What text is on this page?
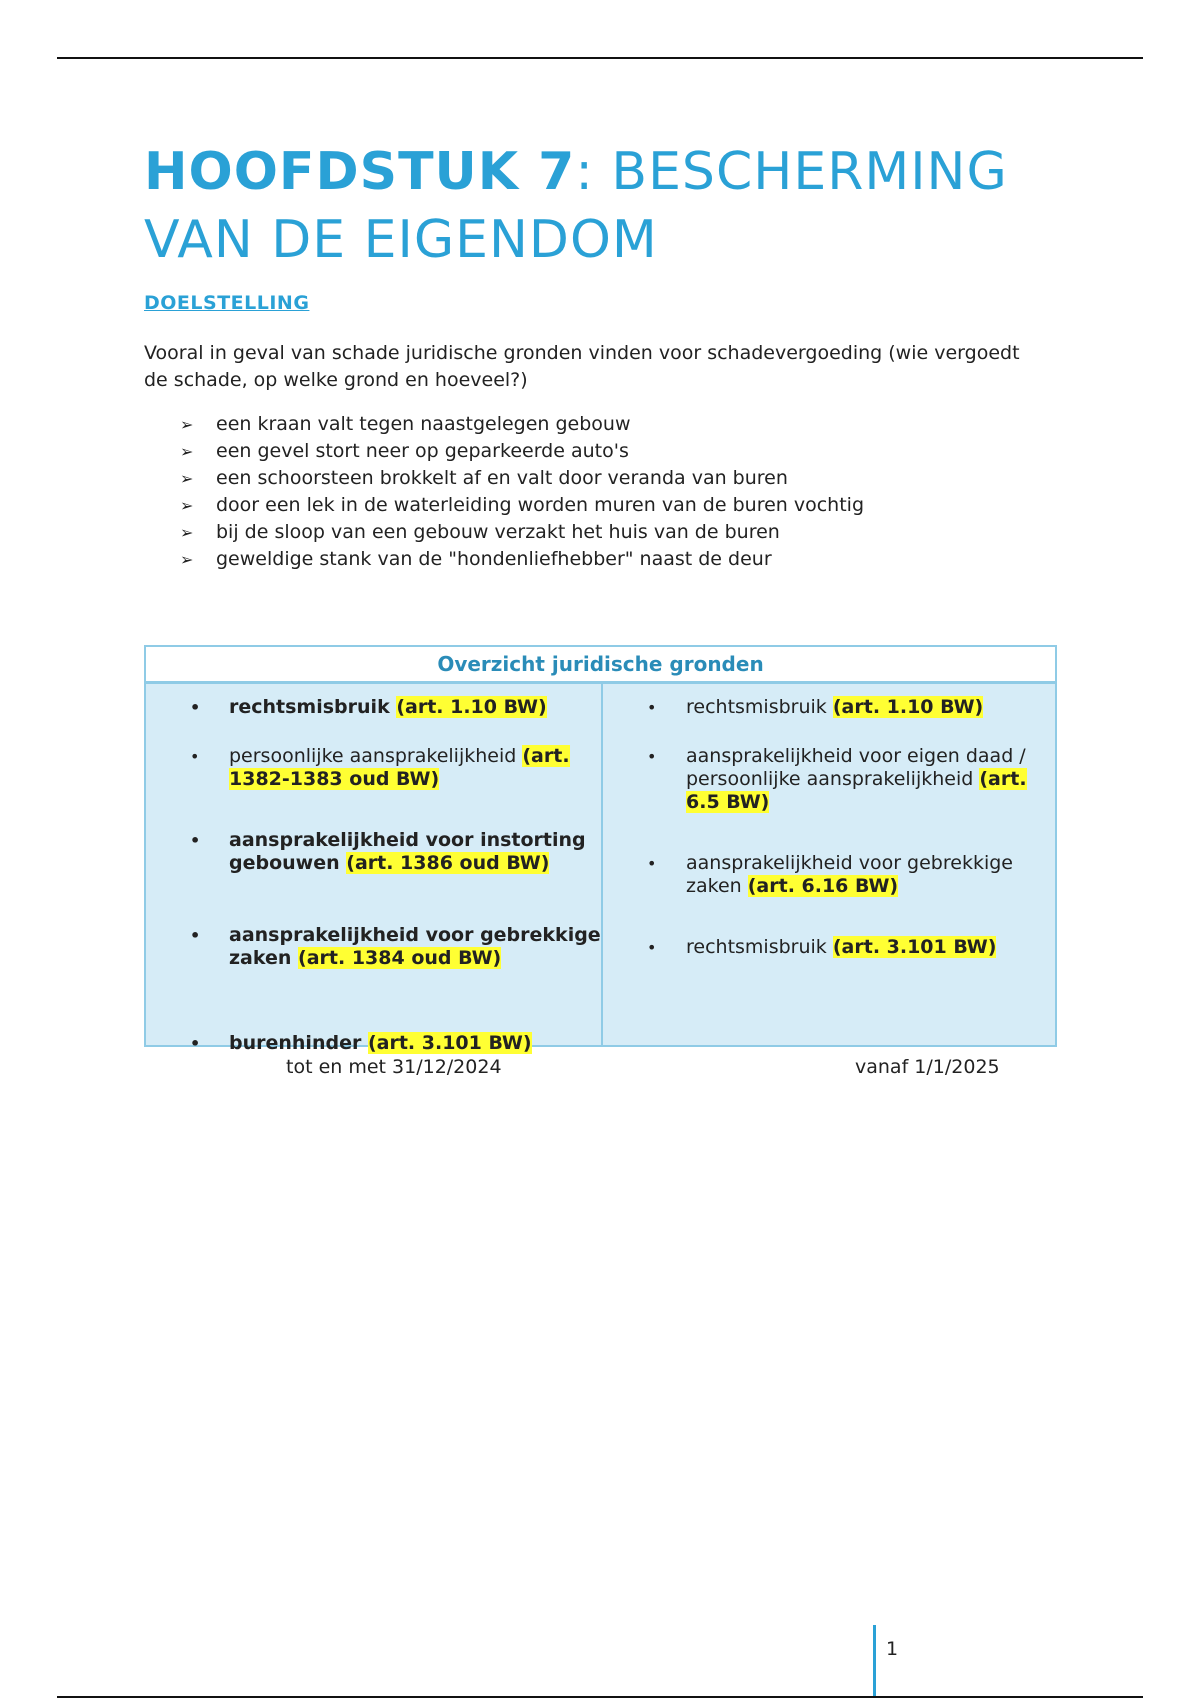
HOOFDSTUK 7: BESCHERMING VAN DE EIGENDOM
DOELSTELLING
Vooral in geval van schade juridische gronden vinden voor schadevergoeding (wie vergoedt de schade, op welke grond en hoeveel?)
➢ een kraan valt tegen naastgelegen gebouw
➢ een gevel stort neer op geparkeerde auto's
➢ een schoorsteen brokkelt af en valt door veranda van buren
➢ door een lek in de waterleiding worden muren van de buren vochtig
➢ bij de sloop van een gebouw verzakt het huis van de buren
➢ geweldige stank van de "hondenliefhebber" naast de deur
Overzicht juridische gronden
• rechtsmisbruik (art. 1.10 BW)
• persoonlijke aansprakelijkheid (art. 1382-1383 oud BW)
• aansprakelijkheid voor instorting gebouwen (art. 1386 oud BW)
• aansprakelijkheid voor gebrekkige zaken (art. 1384 oud BW)
• burenhinder (art. 3.101 BW)
• rechtsmisbruik (art. 1.10 BW)
• aansprakelijkheid voor eigen daad / persoonlijke aansprakelijkheid (art. 6.5 BW)
• aansprakelijkheid voor gebrekkige zaken (art. 6.16 BW)
• rechtsmisbruik (art. 3.101 BW)
tot en met 31/12/2024	vanaf 1/1/2025
1
